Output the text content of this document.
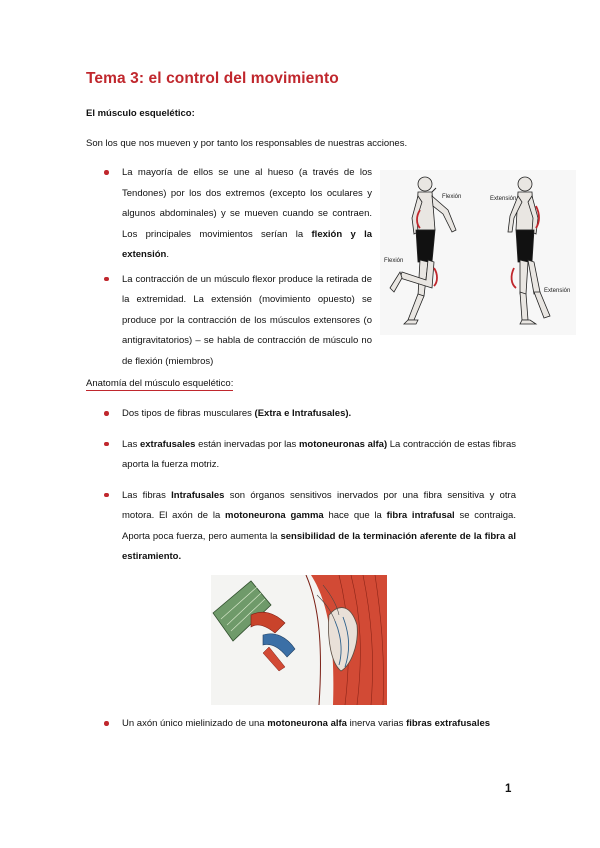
Tema 3: el control del movimiento
El músculo esquelético:
Son los que nos mueven y por tanto los responsables de nuestras acciones.
La mayoría de ellos se une al hueso (a través de los Tendones) por los dos extremos (excepto los oculares y algunos abdominales) y se mueven cuando se contraen. Los principales movimientos serían la flexión y la extensión.
La contracción de un músculo flexor produce la retirada de la extremidad. La extensión (movimiento opuesto) se produce por la contracción de los músculos extensores (o antigravitatorios) – se habla de contracción de músculo no de flexión (miembros)
Flexión
Flexión
Extensión
Extensión
Anatomía del músculo esquelético:
Dos tipos de fibras musculares (Extra e Intrafusales).
Las extrafusales están inervadas por las motoneuronas alfa) La contracción de estas fibras aporta la fuerza motriz.
Las fibras Intrafusales son órganos sensitivos inervados por una fibra sensitiva y otra motora. El axón de la motoneurona gamma hace que la fibra intrafusal se contraiga. Aporta poca fuerza, pero aumenta la sensibilidad de la terminación aferente de la fibra al estiramiento.
Un axón único mielinizado de una motoneurona alfa inerva varias fibras extrafusales
1
